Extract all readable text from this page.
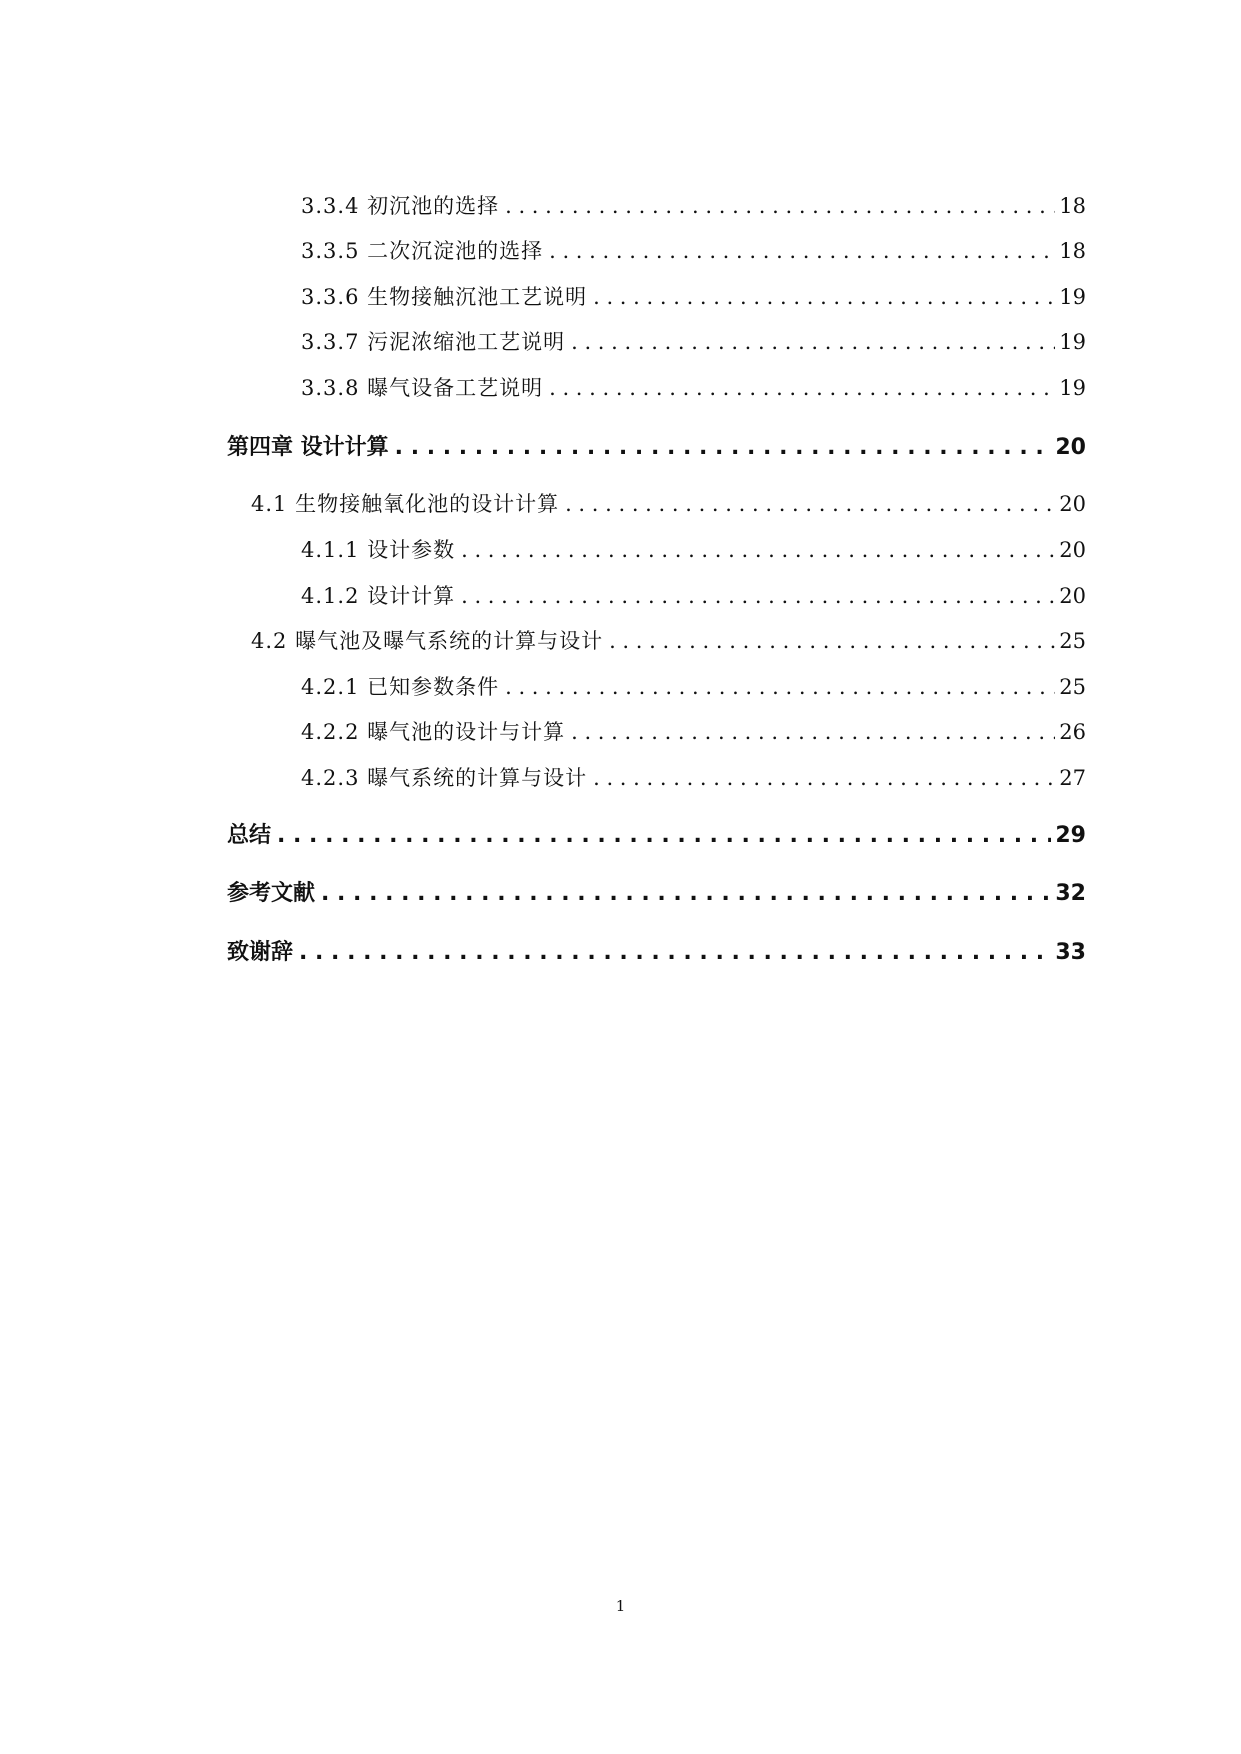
3.3.4 初沉池的选择 . . .	18
3.3.5 二次沉淀池的选择 . . .	18
3.3.6 生物接触沉池工艺说明 . . .	19
3.3.7 污泥浓缩池工艺说明 . . .	19
3.3.8 曝气设备工艺说明 . . .	19
第四章 设计计算 . . .	20
4.1 生物接触氧化池的设计计算 . . .	20
4.1.1 设计参数 . . .	20
4.1.2 设计计算 . . .	20
4.2 曝气池及曝气系统的计算与设计 . . .	25
4.2.1 已知参数条件 . . .	25
4.2.2 曝气池的设计与计算 . . .	26
4.2.3 曝气系统的计算与设计 . . .	27
总结 . . .	29
参考文献 . . .	32
致谢辞 . . .	33
1
